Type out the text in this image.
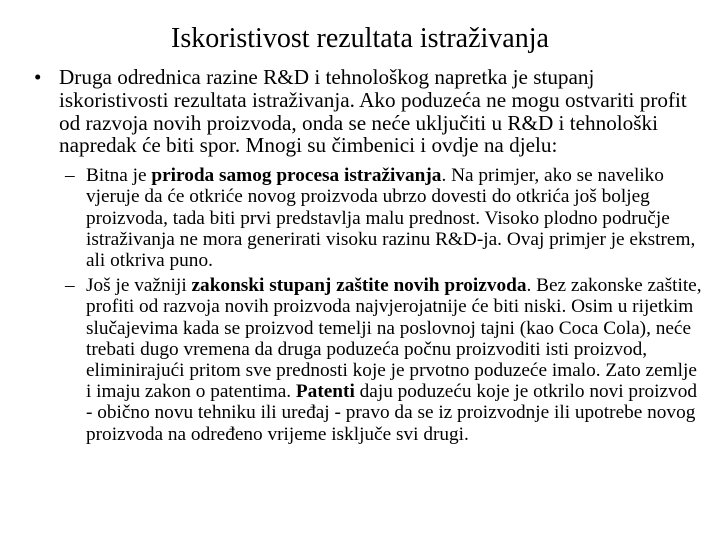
Iskoristivost rezultata istraživanja
• Druga odrednica razine R&D i tehnološkog napretka je stupanj iskoristivosti rezultata istraživanja. Ako poduzeća ne mogu ostvariti profit od razvoja novih proizvoda, onda se neće uključiti u R&D i tehnološki napredak će biti spor. Mnogi su čimbenici i ovdje na djelu:
– Bitna je priroda samog procesa istraživanja. Na primjer, ako se naveliko vjeruje da će otkriće novog proizvoda ubrzo dovesti do otkrića još boljeg proizvoda, tada biti prvi predstavlja malu prednost. Visoko plodno područje istraživanja ne mora generirati visoku razinu R&D-ja. Ovaj primjer je ekstrem, ali otkriva puno.
– Još je važniji zakonski stupanj zaštite novih proizvoda. Bez zakonske zaštite, profiti od razvoja novih proizvoda najvjerojatnije će biti niski. Osim u rijetkim slučajevima kada se proizvod temelji na poslovnoj tajni (kao Coca Cola), neće trebati dugo vremena da druga poduzeća počnu proizvoditi isti proizvod, eliminirajući pritom sve prednosti koje je prvotno poduzeće imalo. Zato zemlje i imaju zakon o patentima. Patenti daju poduzeću koje je otkrilo novi proizvod - obično novu tehniku ili uređaj - pravo da se iz proizvodnje ili upotrebe novog proizvoda na određeno vrijeme isključe svi drugi.
